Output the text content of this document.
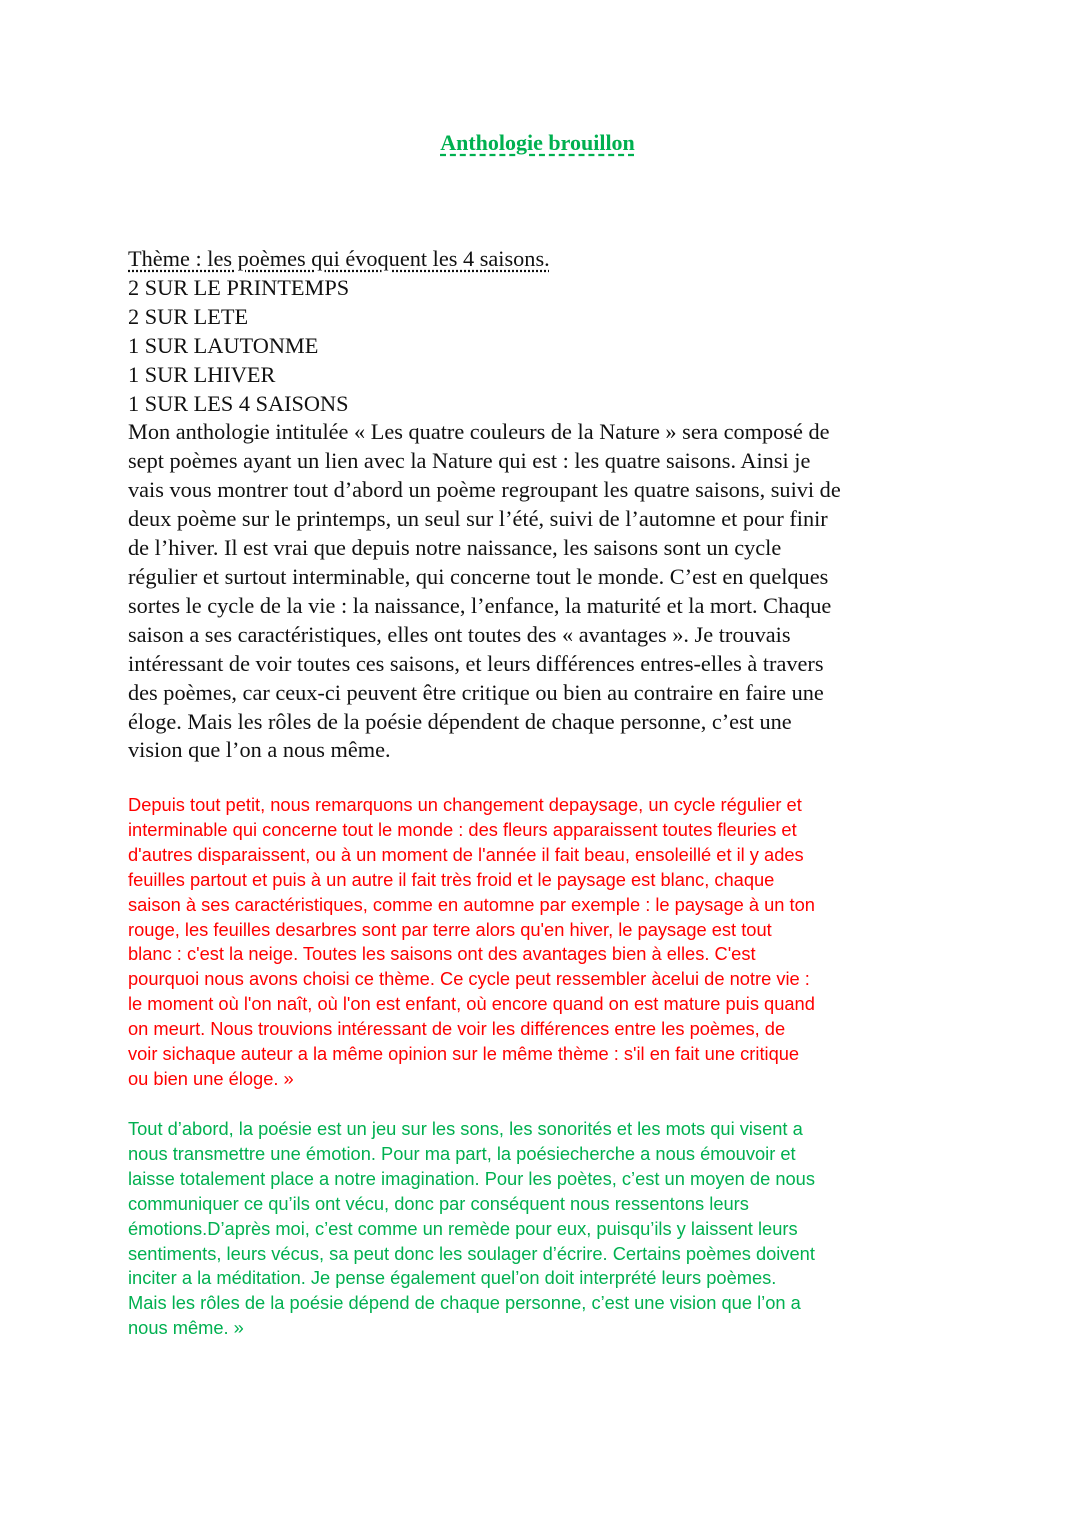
Anthologie brouillon
Thème : les poèmes qui évoquent les 4 saisons.
2 SUR LE PRINTEMPS
2 SUR LETE
1 SUR LAUTONME
1 SUR LHIVER
1 SUR LES 4 SAISONS
Mon anthologie intitulée « Les quatre couleurs de la Nature » sera composé de
sept poèmes ayant un lien avec la Nature qui est : les quatre saisons. Ainsi je
vais vous montrer tout d’abord un poème regroupant les quatre saisons, suivi de
deux poème sur le printemps, un seul sur l’été, suivi de l’automne et pour finir
de l’hiver. Il est vrai que depuis notre naissance, les saisons sont un cycle
régulier et surtout interminable, qui concerne tout le monde. C’est en quelques
sortes le cycle de la vie : la naissance, l’enfance, la maturité et la mort. Chaque
saison a ses caractéristiques, elles ont toutes des « avantages ». Je trouvais
intéressant de voir toutes ces saisons, et leurs différences entres-elles à travers
des poèmes, car ceux-ci peuvent être critique ou bien au contraire en faire une
éloge. Mais les rôles de la poésie dépendent de chaque personne, c’est une
vision que l’on a nous même.
Depuis tout petit, nous remarquons un changement depaysage, un cycle régulier et
interminable qui concerne tout le monde : des fleurs apparaissent toutes fleuries et
d'autres disparaissent, ou à un moment de l'année il fait beau, ensoleillé et il y ades
feuilles partout et puis à un autre il fait très froid et le paysage est blanc, chaque
saison à ses caractéristiques, comme en automne par exemple : le paysage à un ton
rouge, les feuilles desarbres sont par terre alors qu'en hiver, le paysage est tout
blanc : c'est la neige. Toutes les saisons ont des avantages bien à elles. C'est
pourquoi nous avons choisi ce thème. Ce cycle peut ressembler àcelui de notre vie :
le moment où l'on naît, où l'on est enfant, où encore quand on est mature puis quand
on meurt. Nous trouvions intéressant de voir les différences entre les poèmes, de
voir sichaque auteur a la même opinion sur le même thème : s'il en fait une critique
ou bien une éloge. »
Tout d’abord, la poésie est un jeu sur les sons, les sonorités et les mots qui visent a
nous transmettre une émotion. Pour ma part, la poésiecherche a nous émouvoir et
laisse totalement place a notre imagination. Pour les poètes, c’est un moyen de nous
communiquer ce qu’ils ont vécu, donc par conséquent nous ressentons leurs
émotions.D’après moi, c’est comme un remède pour eux, puisqu’ils y laissent leurs
sentiments, leurs vécus, sa peut donc les soulager d’écrire. Certains poèmes doivent
inciter a la méditation. Je pense également quel’on doit interprété leurs poèmes.
Mais les rôles de la poésie dépend de chaque personne, c’est une vision que l’on a
nous même. »
